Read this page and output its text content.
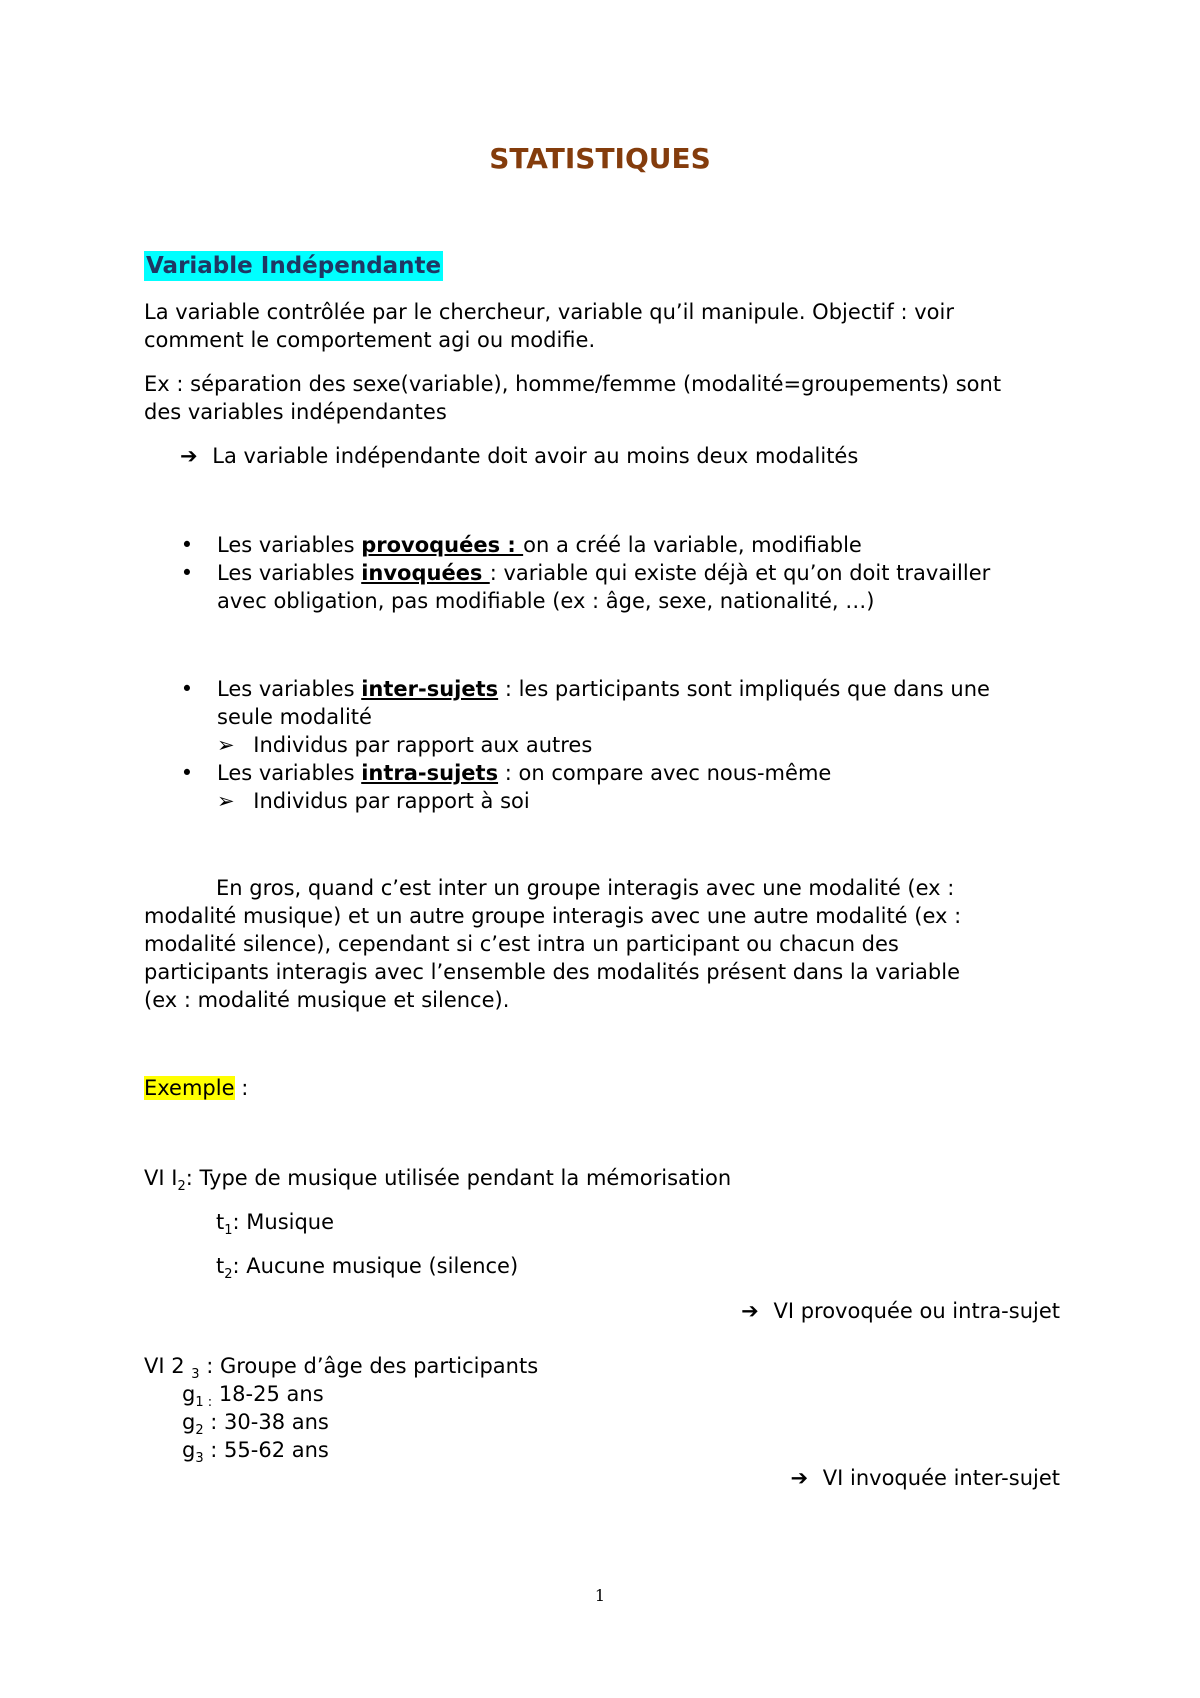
STATISTIQUES
Variable Indépendante
La variable contrôlée par le chercheur, variable qu’il manipule. Objectif : voir
comment le comportement agi ou modifie.
Ex : séparation des sexe(variable), homme/femme (modalité=groupements) sont
des variables indépendantes
➔ La variable indépendante doit avoir au moins deux modalités
• Les variables provoquées : on a créé la variable, modifiable
• Les variables invoquées : variable qui existe déjà et qu’on doit travailler
avec obligation, pas modifiable (ex : âge, sexe, nationalité, …)
• Les variables inter-sujets : les participants sont impliqués que dans une
seule modalité
➢ Individus par rapport aux autres
• Les variables intra-sujets : on compare avec nous-même
➢ Individus par rapport à soi
En gros, quand c’est inter un groupe interagis avec une modalité (ex :
modalité musique) et un autre groupe interagis avec une autre modalité (ex :
modalité silence), cependant si c’est intra un participant ou chacun des
participants interagis avec l’ensemble des modalités présent dans la variable
(ex : modalité musique et silence).
Exemple :
VI $I_2$: Type de musique utilisée pendant la mémorisation
$t_1$: Musique
$t_2$: Aucune musique (silence)
➔ VI provoquée ou intra-sujet
VI 2 $_3$ : Groupe d’âge des participants
$g_{1 :}$ 18-25 ans
$g_2$ : 30-38 ans
$g_3$ : 55-62 ans
➔ VI invoquée inter-sujet
1
